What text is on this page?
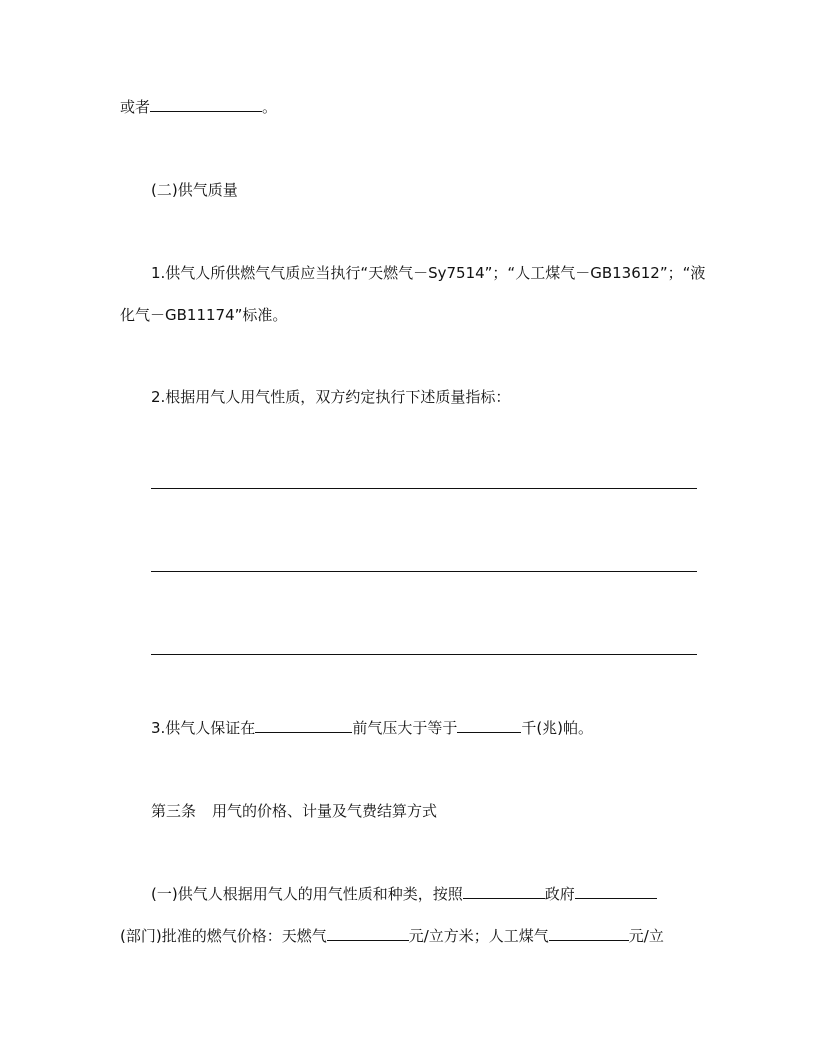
或者	。
(二)供气质量
1.供气人所供燃气气质应当执行“天燃气－Sy7514”；“人工煤气－GB13612”；“液
化气－GB11174”标准。
2.根据用气人用气性质，双方约定执行下述质量指标：
3.供气人保证在	前气压大于等于	千(兆)帕。
第三条 用气的价格、计量及气费结算方式
(一)供气人根据用气人的用气性质和种类，按照	政府
(部门)批准的燃气价格：天燃气	元/立方米；人工煤气	元/立
